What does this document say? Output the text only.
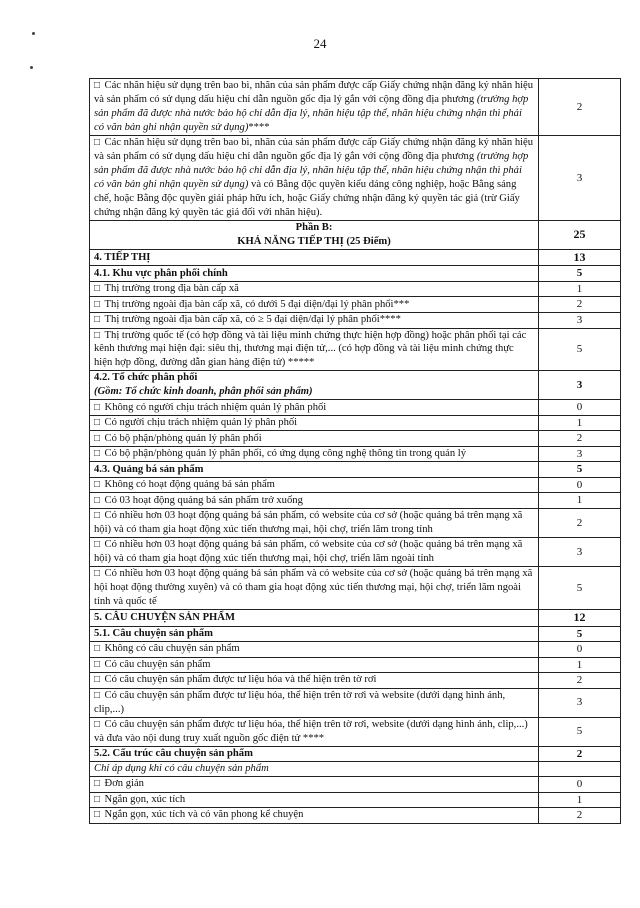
24
□ Các nhãn hiệu sử dụng trên bao bì, nhãn của sản phẩm được cấp Giấy chứng nhận đăng ký nhãn hiệu và sản phẩm có sử dụng dấu hiệu chỉ dẫn nguồn gốc địa lý gắn với cộng đồng địa phương (trường hợp sản phẩm đã được nhà nước bảo hộ chỉ dẫn địa lý, nhãn hiệu tập thể, nhãn hiệu chứng nhận thì phải có văn bản ghi nhận quyền sử dụng)****	2
□ Các nhãn hiệu sử dụng trên bao bì, nhãn của sản phẩm được cấp Giấy chứng nhận đăng ký nhãn hiệu và sản phẩm có sử dụng dấu hiệu chỉ dẫn nguồn gốc địa lý gắn với cộng đồng địa phương (trường hợp sản phẩm đã được nhà nước bảo hộ chỉ dẫn địa lý, nhãn hiệu tập thể, nhãn hiệu chứng nhận thì phải có văn bản ghi nhận quyền sử dụng) và có Bằng độc quyền kiểu dáng công nghiệp, hoặc Bằng sáng chế, hoặc Bằng độc quyền giải pháp hữu ích, hoặc Giấy chứng nhận đăng ký quyền tác giả (trừ Giấy chứng nhận đăng ký quyền tác giả đối với nhãn hiệu).	3
Phần B:
KHẢ NĂNG TIẾP THỊ (25 Điểm)	25
4. TIẾP THỊ	13
4.1. Khu vực phân phối chính	5
□ Thị trường trong địa bàn cấp xã	1
□ Thị trường ngoài địa bàn cấp xã, có dưới 5 đại diện/đại lý phân phối***	2
□ Thị trường ngoài địa bàn cấp xã, có ≥ 5 đại diện/đại lý phân phối****	3
□ Thị trường quốc tế (có hợp đồng và tài liệu minh chứng thực hiện hợp đồng) hoặc phân phối tại các kênh thương mại hiện đại: siêu thị, thương mại điện tử,... (có hợp đồng và tài liệu minh chứng thực hiện hợp đồng, đường dẫn gian hàng điện tử) *****	5
4.2. Tổ chức phân phối
(Gồm: Tổ chức kinh doanh, phân phối sản phẩm)	3
□ Không có người chịu trách nhiệm quản lý phân phối	0
□ Có người chịu trách nhiệm quản lý phân phối	1
□ Có bộ phận/phòng quản lý phân phối	2
□ Có bộ phận/phòng quản lý phân phối, có ứng dụng công nghệ thông tin trong quản lý	3
4.3. Quảng bá sản phẩm	5
□ Không có hoạt động quảng bá sản phẩm	0
□ Có 03 hoạt động quảng bá sản phẩm trở xuống	1
□ Có nhiều hơn 03 hoạt động quảng bá sản phẩm, có website của cơ sở (hoặc quảng bá trên mạng xã hội) và có tham gia hoạt động xúc tiến thương mại, hội chợ, triển lãm trong tỉnh	2
□ Có nhiều hơn 03 hoạt động quảng bá sản phẩm, có website của cơ sở (hoặc quảng bá trên mạng xã hội) và có tham gia hoạt động xúc tiến thương mại, hội chợ, triển lãm ngoài tỉnh	3
□ Có nhiều hơn 03 hoạt động quảng bá sản phẩm và có website của cơ sở (hoặc quảng bá trên mạng xã hội hoạt động thường xuyên) và có tham gia hoạt động xúc tiến thương mại, hội chợ, triển lãm ngoài tỉnh và quốc tế	5
5. CÂU CHUYỆN SẢN PHẨM	12
5.1. Câu chuyện sản phẩm	5
□ Không có câu chuyện sản phẩm	0
□ Có câu chuyện sản phẩm	1
□ Có câu chuyện sản phẩm được tư liệu hóa và thể hiện trên tờ rơi	2
□ Có câu chuyện sản phẩm được tư liệu hóa, thể hiện trên tờ rơi và website (dưới dạng hình ảnh, clip,...)	3
□ Có câu chuyện sản phẩm được tư liệu hóa, thể hiện trên tờ rơi, website (dưới dạng hình ảnh, clip,...) và đưa vào nội dung truy xuất nguồn gốc điện tử ****	5
5.2. Cấu trúc câu chuyện sản phẩm	2
Chỉ áp dụng khi có câu chuyện sản phẩm	
□ Đơn giản	0
□ Ngắn gọn, xúc tích	1
□ Ngắn gọn, xúc tích và có văn phong kể chuyện	2
